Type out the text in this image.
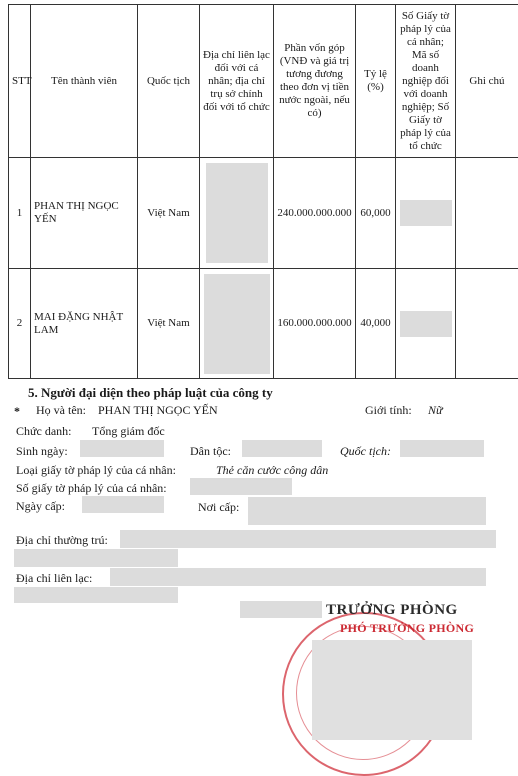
STT	Tên thành viên	Quốc tịch	Địa chỉ liên lạc đối với cá nhân; địa chỉ trụ sở chính đối với tổ chức	Phần vốn góp (VNĐ và giá trị tương đương theo đơn vị tiền nước ngoài, nếu có)	Tỷ lệ (%)	Số Giấy tờ pháp lý của cá nhân; Mã số doanh nghiệp đối với doanh nghiệp; Số Giấy tờ pháp lý của tổ chức	Ghi chú
1	PHAN THỊ NGỌC YẾN	Việt Nam		240.000.000.000	60,000	

2	MAI ĐẶNG NHẬT LAM	Việt Nam		160.000.000.000	40,000	

5. Người đại diện theo pháp luật của công ty
* Họ và tên: PHAN THỊ NGỌC YẾN	Giới tính: Nữ
Chức danh: Tổng giám đốc
Sinh ngày:	Dân tộc:	Quốc tịch:
Loại giấy tờ pháp lý của cá nhân:	Thẻ căn cước công dân
Số giấy tờ pháp lý của cá nhân:
Ngày cấp:	Nơi cấp:
Địa chỉ thường trú:
Địa chỉ liên lạc:
TRƯỞNG PHÒNG
PHÓ TRƯỞNG PHÒNG
